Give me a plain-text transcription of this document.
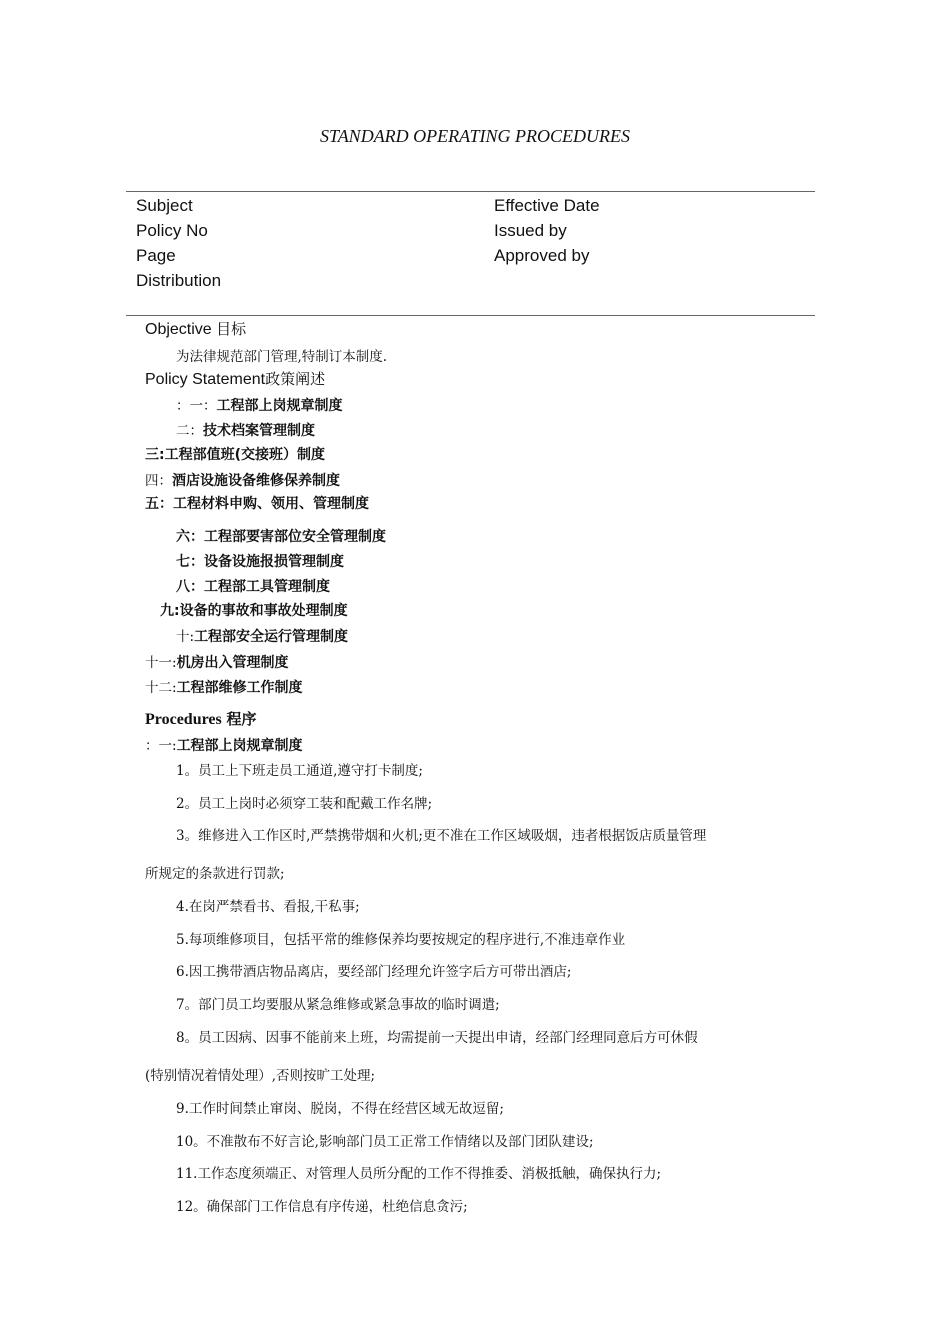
STANDARD OPERATING PROCEDURES
Subject
Policy No
Page
Distribution
Effective Date
Issued by
Approved by
Objective 目标
为法律规范部门管理,特制订本制度.
Policy Statement政策阐述
：一：工程部上岗规章制度
二：技术档案管理制度
三:工程部值班(交接班）制度
四：酒店设施设备维修保养制度
五：工程材料申购、领用、管理制度
六：工程部要害部位安全管理制度
七：设备设施报损管理制度
八：工程部工具管理制度
九:设备的事故和事故处理制度
十:工程部安全运行管理制度
十一:机房出入管理制度
十二:工程部维修工作制度
Procedures 程序
：一:工程部上岗规章制度
1。员工上下班走员工通道,遵守打卡制度;
2。员工上岗时必须穿工装和配戴工作名牌;
3。维修进入工作区时,严禁携带烟和火机;更不准在工作区域吸烟，违者根据饭店质量管理
所规定的条款进行罚款;
4.在岗严禁看书、看报,干私事;
5.每项维修项目，包括平常的维修保养均要按规定的程序进行,不准违章作业
6.因工携带酒店物品离店，要经部门经理允许签字后方可带出酒店;
7。部门员工均要服从紧急维修或紧急事故的临时调遣;
8。员工因病、因事不能前来上班，均需提前一天提出申请，经部门经理同意后方可休假
(特别情况着情处理）,否则按旷工处理;
9.工作时间禁止窜岗、脱岗，不得在经营区域无故逗留;
10。不准散布不好言论,影响部门员工正常工作情绪以及部门团队建设;
11.工作态度须端正、对管理人员所分配的工作不得推委、消极抵触，确保执行力;
12。确保部门工作信息有序传递，杜绝信息贪污;
